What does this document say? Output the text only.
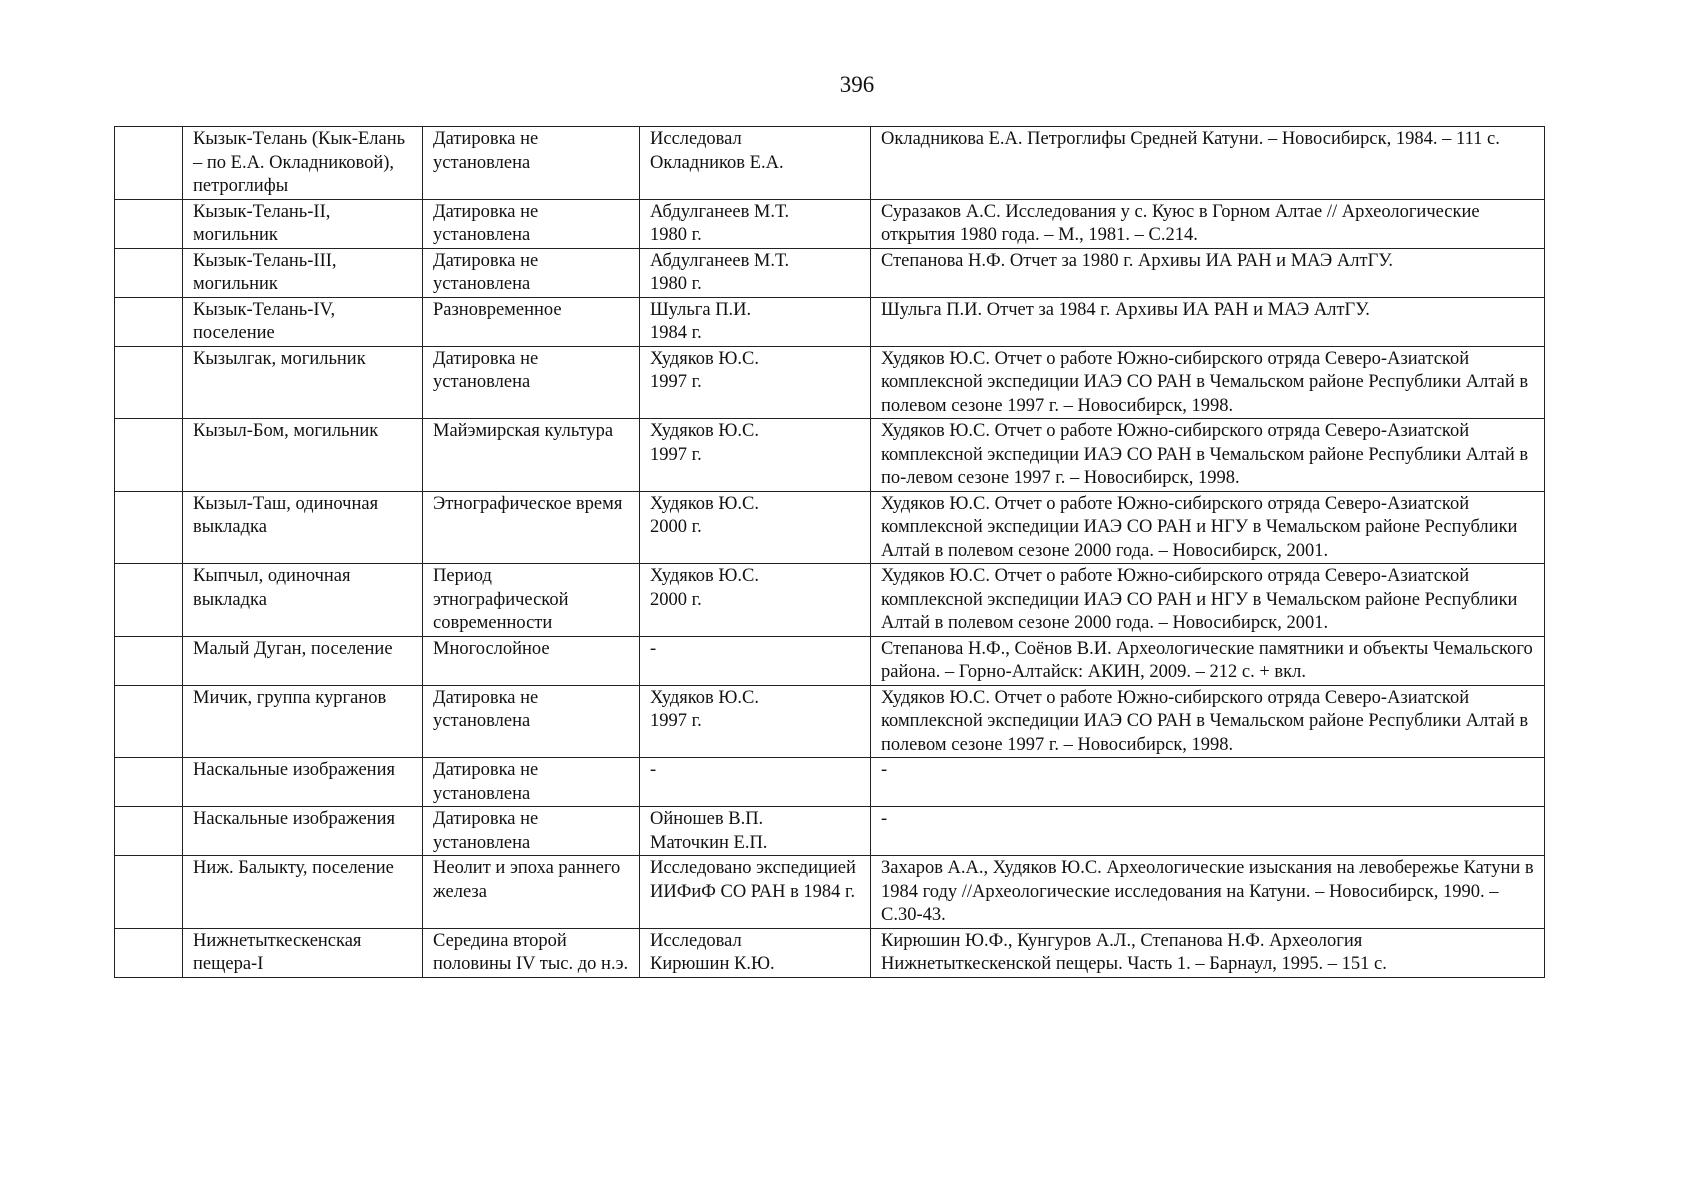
396
	Кызык-Телань (Кык-Елань – по Е.А. Окладниковой), петроглифы	Датировка не установлена	Исследовал
Окладников Е.А.	Окладникова Е.А. Петроглифы Средней Катуни. – Новосибирск, 1984. – 111 с.
	Кызык-Телань-II, могильник	Датировка не установлена	Абдулганеев М.Т.
1980 г.	Суразаков А.С. Исследования у с. Куюс в Горном Алтае // Археологические открытия 1980 года. – М., 1981. – С.214.
	Кызык-Телань-III, могильник	Датировка не установлена	Абдулганеев М.Т.
1980 г.	Степанова Н.Ф. Отчет за 1980 г. Архивы ИА РАН и МАЭ АлтГУ.
	Кызык-Телань-IV, поселение	Разновременное	Шульга П.И.
1984 г.	Шульга П.И. Отчет за 1984 г. Архивы ИА РАН и МАЭ АлтГУ.
	Кызылгак, могильник	Датировка не установлена	Худяков Ю.С.
1997 г.	Худяков Ю.С. Отчет о работе Южно-сибирского отряда Северо-Азиатской комплексной экспедиции ИАЭ СО РАН в Чемальском районе Республики Алтай в полевом сезоне 1997 г. – Новосибирск, 1998.
	Кызыл-Бом, могильник	Майэмирская культура	Худяков Ю.С.
1997 г.	Худяков Ю.С. Отчет о работе Южно-сибирского отряда Северо-Азиатской комплексной экспедиции ИАЭ СО РАН в Чемальском районе Республики Алтай в по-левом сезоне 1997 г. – Новосибирск, 1998.
	Кызыл-Таш, одиночная выкладка	Этнографическое время	Худяков Ю.С.
2000 г.	Худяков Ю.С. Отчет о работе Южно-сибирского отряда Северо-Азиатской комплексной экспедиции ИАЭ СО РАН и НГУ в Чемальском районе Республики Алтай в полевом сезоне 2000 года. – Новосибирск, 2001.
	Кыпчыл, одиночная выкладка	Период этнографической современности	Худяков Ю.С.
2000 г.	Худяков Ю.С. Отчет о работе Южно-сибирского отряда Северо-Азиатской комплексной экспедиции ИАЭ СО РАН и НГУ в Чемальском районе Республики Алтай в полевом сезоне 2000 года. – Новосибирск, 2001.
	Малый Дуган, поселение	Многослойное	-	Степанова Н.Ф., Соёнов В.И. Археологические памятники и объекты Чемальского района. – Горно-Алтайск: АКИН, 2009. – 212 с. + вкл.
	Мичик, группа курганов	Датировка не установлена	Худяков Ю.С.
1997 г.	Худяков Ю.С. Отчет о работе Южно-сибирского отряда Северо-Азиатской комплексной экспедиции ИАЭ СО РАН в Чемальском районе Республики Алтай в полевом сезоне 1997 г. – Новосибирск, 1998.
	Наскальные изображения	Датировка не установлена	-	-
	Наскальные изображения	Датировка не установлена	Ойношев В.П.
Маточкин Е.П.	-
	Ниж. Балыкту, поселение	Неолит и эпоха раннего железа	Исследовано экспедицией ИИФиФ СО РАН в 1984 г.	Захаров А.А., Худяков Ю.С. Археологические изыскания на левобережье Катуни в 1984 году //Археологические исследования на Катуни. – Новосибирск, 1990. – С.30-43.
	Нижнетыткескенская пещера-I	Середина второй половины IV тыс. до н.э.	Исследовал
Кирюшин К.Ю.	Кирюшин Ю.Ф., Кунгуров А.Л., Степанова Н.Ф. Археология Нижнетыткескенской пещеры. Часть 1. – Барнаул, 1995. – 151 с.
